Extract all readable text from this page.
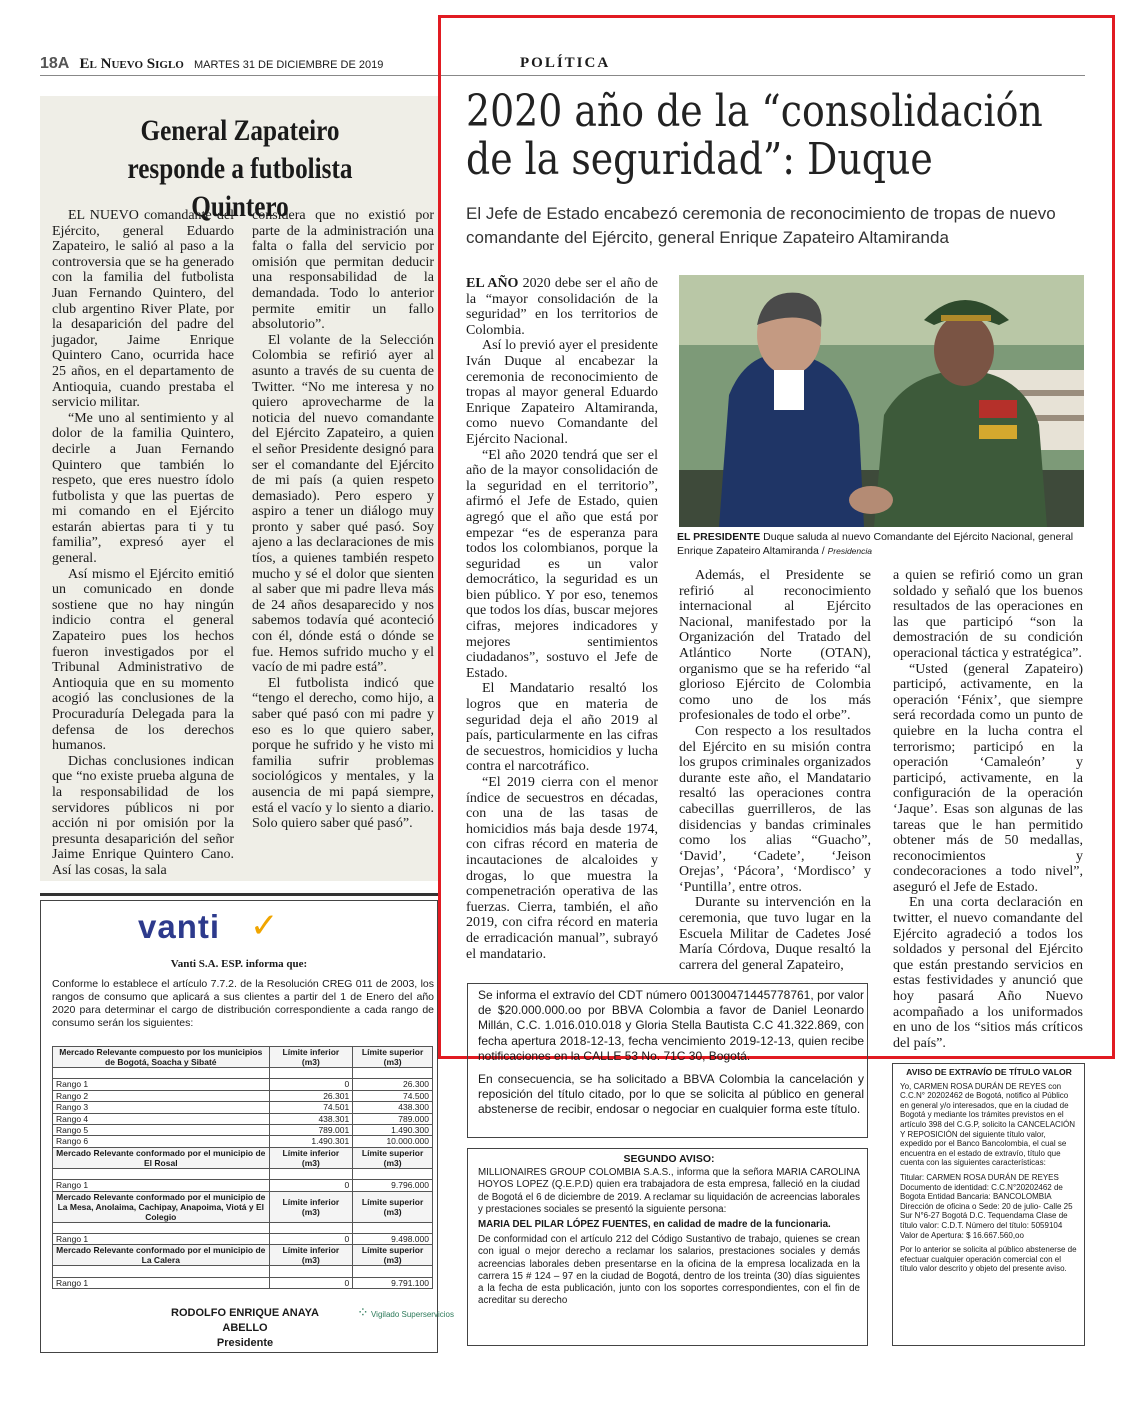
18A El Nuevo Siglo MARTES 31 DE DICIEMBRE DE 2019	POLÍTICA
General Zapateiro responde a futbolista Quintero

EL NUEVO comandante del Ejército, general Eduardo Zapateiro, le salió al paso a la controversia que se ha generado con la familia del futbolista Juan Fernando Quintero, del club argentino River Plate, por la desaparición del padre del jugador, Jaime Enrique Quintero Cano, ocurrida hace 25 años, en el departamento de Antioquia, cuando prestaba el servicio militar.

“Me uno al sentimiento y al dolor de la familia Quintero, decirle a Juan Fernando Quintero que también lo respeto, que eres nuestro ídolo futbolista y que las puertas de mi comando en el Ejército estarán abiertas para ti y tu familia”, expresó ayer el general.

Así mismo el Ejército emitió un comunicado en donde sostiene que no hay ningún indicio contra el general Zapateiro pues los hechos fueron investigados por el Tribunal Administrativo de Antioquia que en su momento acogió las conclusiones de la Procuraduría Delegada para la defensa de los derechos humanos.

Dichas conclusiones indican que “no existe prueba alguna de la responsabilidad de los servidores públicos ni por acción ni por omisión por la presunta desaparición del señor Jaime Enrique Quintero Cano. Así las cosas, la sala

considera que no existió por parte de la administración una falta o falla del servicio por omisión que permitan deducir una responsabilidad de la demandada. Todo lo anterior permite emitir un fallo absolutorio”.

El volante de la Selección Colombia se refirió ayer al asunto a través de su cuenta de Twitter. “No me interesa y no quiero aprovecharme de la noticia del nuevo comandante del Ejército Zapateiro, a quien el señor Presidente designó para ser el comandante del Ejército de mi país (a quien respeto demasiado). Pero espero y aspiro a tener un diálogo muy pronto y saber qué pasó. Soy ajeno a las declaraciones de mis tíos, a quienes también respeto mucho y sé el dolor que sienten al saber que mi padre lleva más de 24 años desaparecido y nos sabemos todavía qué aconteció con él, dónde está o dónde se fue. Hemos sufrido mucho y el vacío de mi padre está”.

El futbolista indicó que “tengo el derecho, como hijo, a saber qué pasó con mi padre y eso es lo que quiero saber, porque he sufrido y he visto mi familia sufrir problemas sociológicos y mentales, y la ausencia de mi papá siempre, está el vacío y lo siento a diario. Solo quiero saber qué pasó”.

vanti ✓
Vanti S.A. ESP. informa que:
Conforme lo establece el artículo 7.7.2. de la Resolución CREG 011 de 2003, los rangos de consumo que aplicará a sus clientes a partir del 1 de Enero del año 2020 para determinar el cargo de distribución correspondiente a cada rango de consumo serán los siguientes:
Mercado Relevante compuesto por los municipios de Bogotá, Soacha y Sibaté	Límite inferior (m3)	Límite superior (m3)

Rango 1	0	26.300
Rango 2	26.301	74.500
Rango 3	74.501	438.300
Rango 4	438.301	789.000
Rango 5	789.001	1.490.300
Rango 6	1.490.301	10.000.000
Mercado Relevante conformado por el municipio de El Rosal	Límite inferior (m3)	Límite superior (m3)

Rango 1	0	9.796.000
Mercado Relevante conformado por el municipio de La Mesa, Anolaima, Cachipay, Anapoima, Viotá y El Colegio	Límite inferior (m3)	Límite superior (m3)

Rango 1	0	9.498.000
Mercado Relevante conformado por el municipio de La Calera	Límite inferior (m3)	Límite superior (m3)

Rango 1	0	9.791.100
RODOLFO ENRIQUE ANAYA ABELLO
Presidente
⁘ Vigilado Superservicios
2020 año de la “consolidación
de la seguridad”: Duque
El Jefe de Estado encabezó ceremonia de reconocimiento de tropas de nuevo comandante del Ejército, general Enrique Zapateiro Altamiranda

EL AÑO 2020 debe ser el año de la “mayor consolidación de la seguridad” en los territorios de Colombia.

Así lo previó ayer el presidente Iván Duque al encabezar la ceremonia de reconocimiento de tropas al mayor general Eduardo Enrique Zapateiro Altamiranda, como nuevo Comandante del Ejército Nacional.

“El año 2020 tendrá que ser el año de la mayor consolidación de la seguridad en el territorio”, afirmó el Jefe de Estado, quien agregó que el año que está por empezar “es de esperanza para todos los colombianos, porque la seguridad es un valor democrático, la seguridad es un bien público. Y por eso, tenemos que todos los días, buscar mejores cifras, mejores indicadores y mejores sentimientos ciudadanos”, sostuvo el Jefe de Estado.

El Mandatario resaltó los logros que en materia de seguridad deja el año 2019 al país, particularmente en las cifras de secuestros, homicidios y lucha contra el narcotráfico.

“El 2019 cierra con el menor índice de secuestros en décadas, con una de las tasas de homicidios más baja desde 1974, con cifras récord en materia de incautaciones de alcaloides y drogas, lo que muestra la compenetración operativa de las fuerzas. Cierra, también, el año 2019, con cifra récord en materia de erradicación manual”, subrayó el mandatario.

EL PRESIDENTE Duque saluda al nuevo Comandante del Ejército Nacional, general Enrique Zapateiro Altamiranda / Presidencia

Además, el Presidente se refirió al reconocimiento internacional al Ejército Nacional, manifestado por la Organización del Tratado del Atlántico Norte (OTAN), organismo que se ha referido “al glorioso Ejército de Colombia como uno de los más profesionales de todo el orbe”.

Con respecto a los resultados del Ejército en su misión contra los grupos criminales organizados durante este año, el Mandatario resaltó las operaciones contra cabecillas guerrilleros, de las disidencias y bandas criminales como los alias “Guacho”, ‘David’, ‘Cadete’, ‘Jeison Orejas’, ‘Pácora’, ‘Mordisco’ y ‘Puntilla’, entre otros.

Durante su intervención en la ceremonia, que tuvo lugar en la Escuela Militar de Cadetes José María Córdova, Duque resaltó la carrera del general Zapateiro,

a quien se refirió como un gran soldado y señaló que los buenos resultados de las operaciones en las que participó “son la demostración de su condición operacional táctica y estratégica”.

“Usted (general Zapateiro) participó, activamente, en la operación ‘Fénix’, que siempre será recordada como un punto de quiebre en la lucha contra el terrorismo; participó en la operación ‘Camaleón’ y participó, activamente, en la configuración de la operación ‘Jaque’. Esas son algunas de las tareas que le han permitido obtener más de 50 medallas, reconocimientos y condecoraciones a todo nivel”, aseguró el Jefe de Estado.

En una corta declaración en twitter, el nuevo comandante del Ejército agradeció a todos los soldados y personal del Ejército que están prestando servicios en estas festividades y anunció que hoy pasará Año Nuevo acompañado a los uniformados en uno de los “sitios más críticos del país”.

Se informa el extravío del CDT número 001300471445778761, por valor de $20.000.000.oo por BBVA Colombia a favor de Daniel Leonardo Millán, C.C. 1.016.010.018 y Gloria Stella Bautista C.C 41.322.869, con fecha apertura 2018-12-13, fecha vencimiento 2019-12-13, quien recibe notificaciones en la CALLE 53 No. 71C 30, Bogotá.

En consecuencia, se ha solicitado a BBVA Colombia la cancelación y reposición del título citado, por lo que se solicita al público en general abstenerse de recibir, endosar o negociar en cualquier forma este título.

SEGUNDO AVISO:

MILLIONAIRES GROUP COLOMBIA S.A.S., informa que la señora MARIA CAROLINA HOYOS LOPEZ (Q.E.P.D) quien era trabajadora de esta empresa, falleció en la ciudad de Bogotá el 6 de diciembre de 2019. A reclamar su liquidación de acreencias laborales y prestaciones sociales se presentó la siguiente persona:

MARIA DEL PILAR LÓPEZ FUENTES, en calidad de madre de la funcionaria.

De conformidad con el artículo 212 del Código Sustantivo de trabajo, quienes se crean con igual o mejor derecho a reclamar los salarios, prestaciones sociales y demás acreencias laborales deben presentarse en la oficina de la empresa localizada en la carrera 15 # 124 – 97 en la ciudad de Bogotá, dentro de los treinta (30) días siguientes a la fecha de esta publicación, junto con los soportes correspondientes, con el fin de acreditar su derecho

AVISO DE EXTRAVÍO DE TÍTULO VALOR

Yo, CARMEN ROSA DURÁN DE REYES con C.C.N° 20202462 de Bogotá, notifico al Público en general y/o interesados, que en la ciudad de Bogotá y mediante los trámites previstos en el artículo 398 del C.G.P, solicito la CANCELACIÓN Y REPOSICIÓN del siguiente título valor, expedido por el Banco Bancolombia, el cual se encuentra en el estado de extravío, título que cuenta con las siguientes características:

Titular: CARMEN ROSA DURÁN DE REYES Documento de identidad: C.C.N°20202462 de Bogota Entidad Bancaria: BANCOLOMBIA Dirección de oficina o Sede: 20 de julio- Calle 25 Sur N°6-27 Bogotá D.C. Tequendama Clase de título valor: C.D.T. Número del título: 5059104 Valor de Apertura: $ 16.667.560,oo

Por lo anterior se solicita al público abstenerse de efectuar cualquier operación comercial con el título valor descrito y objeto del presente aviso.
